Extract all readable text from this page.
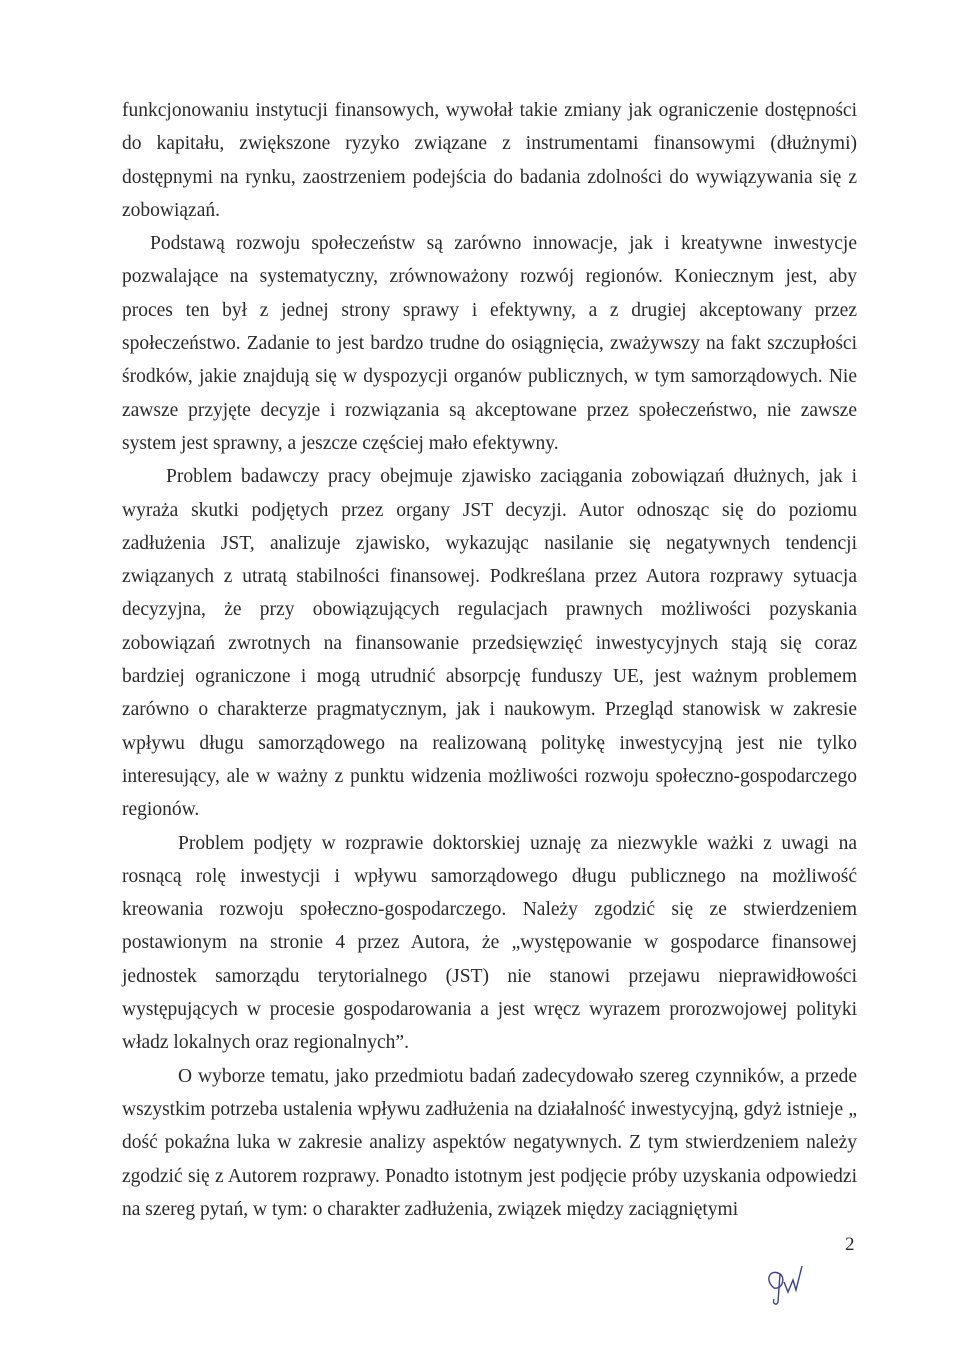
funkcjonowaniu instytucji finansowych, wywołał takie zmiany jak ograniczenie dostępności do kapitału, zwiększone ryzyko związane z instrumentami finansowymi (dłużnymi) dostępnymi na rynku, zaostrzeniem podejścia do badania zdolności do wywiązywania się z zobowiązań.

Podstawą rozwoju społeczeństw są zarówno innowacje, jak i kreatywne inwestycje pozwalające na systematyczny, zrównoważony rozwój regionów. Koniecznym jest, aby proces ten był z jednej strony sprawy i efektywny, a z drugiej akceptowany przez społeczeństwo. Zadanie to jest bardzo trudne do osiągnięcia, zważywszy na fakt szczupłości środków, jakie znajdują się w dyspozycji organów publicznych, w tym samorządowych. Nie zawsze przyjęte decyzje i rozwiązania są akceptowane przez społeczeństwo, nie zawsze system jest sprawny, a jeszcze częściej mało efektywny.

Problem badawczy pracy obejmuje zjawisko zaciągania zobowiązań dłużnych, jak i wyraża skutki podjętych przez organy JST decyzji. Autor odnosząc się do poziomu zadłużenia JST, analizuje zjawisko, wykazując nasilanie się negatywnych tendencji związanych z utratą stabilności finansowej. Podkreślana przez Autora rozprawy sytuacja decyzyjna, że przy obowiązujących regulacjach prawnych możliwości pozyskania zobowiązań zwrotnych na finansowanie przedsięwzięć inwestycyjnych stają się coraz bardziej ograniczone i mogą utrudnić absorpcję funduszy UE, jest ważnym problemem zarówno o charakterze pragmatycznym, jak i naukowym. Przegląd stanowisk w zakresie wpływu długu samorządowego na realizowaną politykę inwestycyjną jest nie tylko interesujący, ale w ważny z punktu widzenia możliwości rozwoju społeczno-gospodarczego regionów.

Problem podjęty w rozprawie doktorskiej uznaję za niezwykle ważki z uwagi na rosnącą rolę inwestycji i wpływu samorządowego długu publicznego na możliwość kreowania rozwoju społeczno-gospodarczego. Należy zgodzić się ze stwierdzeniem postawionym na stronie 4 przez Autora, że „występowanie w gospodarce finansowej jednostek samorządu terytorialnego (JST) nie stanowi przejawu nieprawidłowości występujących w procesie gospodarowania a jest wręcz wyrazem prorozwojowej polityki władz lokalnych oraz regionalnych”.

O wyborze tematu, jako przedmiotu badań zadecydowało szereg czynników, a przede wszystkim potrzeba ustalenia wpływu zadłużenia na działalność inwestycyjną, gdyż istnieje „ dość pokaźna luka w zakresie analizy aspektów negatywnych. Z tym stwierdzeniem należy zgodzić się z Autorem rozprawy. Ponadto istotnym jest podjęcie próby uzyskania odpowiedzi na szereg pytań, w tym: o charakter zadłużenia, związek między zaciągniętymi

2
